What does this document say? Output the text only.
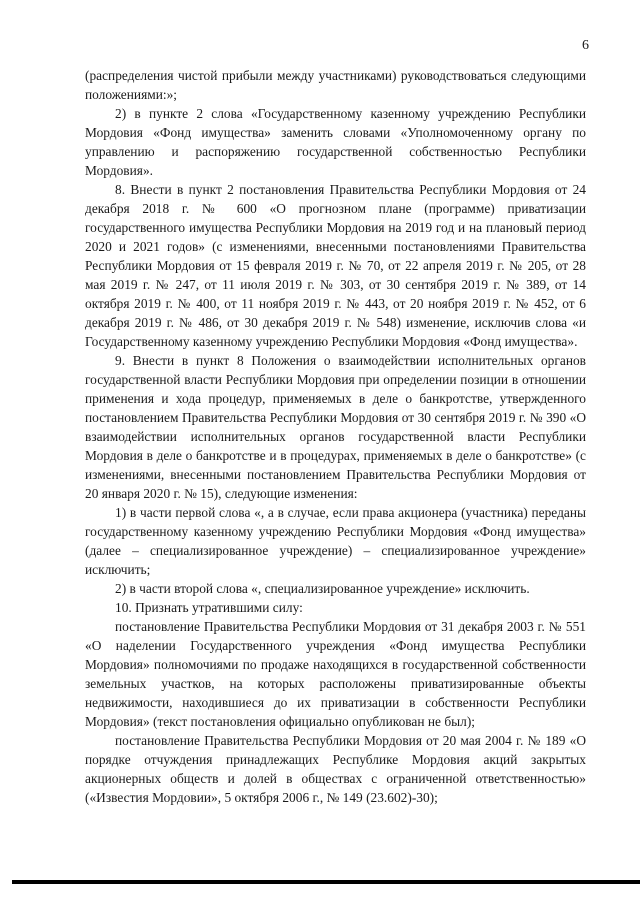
6

(распределения чистой прибыли между участниками) руководствоваться следующими положениями:»;

2) в пункте 2 слова «Государственному казенному учреждению Республики Мордовия «Фонд имущества» заменить словами «Уполномоченному органу по управлению и распоряжению государственной собственностью Республики Мордовия».

8. Внести в пункт 2 постановления Правительства Республики Мордовия от 24 декабря 2018 г. № 600 «О прогнозном плане (программе) приватизации государственного имущества Республики Мордовия на 2019 год и на плановый период 2020 и 2021 годов» (с изменениями, внесенными постановлениями Правительства Республики Мордовия от 15 февраля 2019 г. № 70, от 22 апреля 2019 г. № 205, от 28 мая 2019 г. № 247, от 11 июля 2019 г. № 303, от 30 сентября 2019 г. № 389, от 14 октября 2019 г. № 400, от 11 ноября 2019 г. № 443, от 20 ноября 2019 г. № 452, от 6 декабря 2019 г. № 486, от 30 декабря 2019 г. № 548) изменение, исключив слова «и Государственному казенному учреждению Республики Мордовия «Фонд имущества».

9. Внести в пункт 8 Положения о взаимодействии исполнительных органов государственной власти Республики Мордовия при определении позиции в отношении применения и хода процедур, применяемых в деле о банкротстве, утвержденного постановлением Правительства Республики Мордовия от 30 сентября 2019 г. № 390 «О взаимодействии исполнительных органов государственной власти Республики Мордовия в деле о банкротстве и в процедурах, применяемых в деле о банкротстве» (с изменениями, внесенными постановлением Правительства Республики Мордовия от 20 января 2020 г. № 15), следующие изменения:

1) в части первой слова «, а в случае, если права акционера (участника) переданы государственному казенному учреждению Республики Мордовия «Фонд имущества» (далее – специализированное учреждение) – специализированное учреждение» исключить;

2) в части второй слова «, специализированное учреждение» исключить.

10. Признать утратившими силу:

постановление Правительства Республики Мордовия от 31 декабря 2003 г. № 551 «О наделении Государственного учреждения «Фонд имущества Республики Мордовия» полномочиями по продаже находящихся в государственной собственности земельных участков, на которых расположены приватизированные объекты недвижимости, находившиеся до их приватизации в собственности Республики Мордовия» (текст постановления официально опубликован не был);

постановление Правительства Республики Мордовия от 20 мая 2004 г. № 189 «О порядке отчуждения принадлежащих Республике Мордовия акций закрытых акционерных обществ и долей в обществах с ограниченной ответственностью» («Известия Мордовии», 5 октября 2006 г., № 149 (23.602)-30);
